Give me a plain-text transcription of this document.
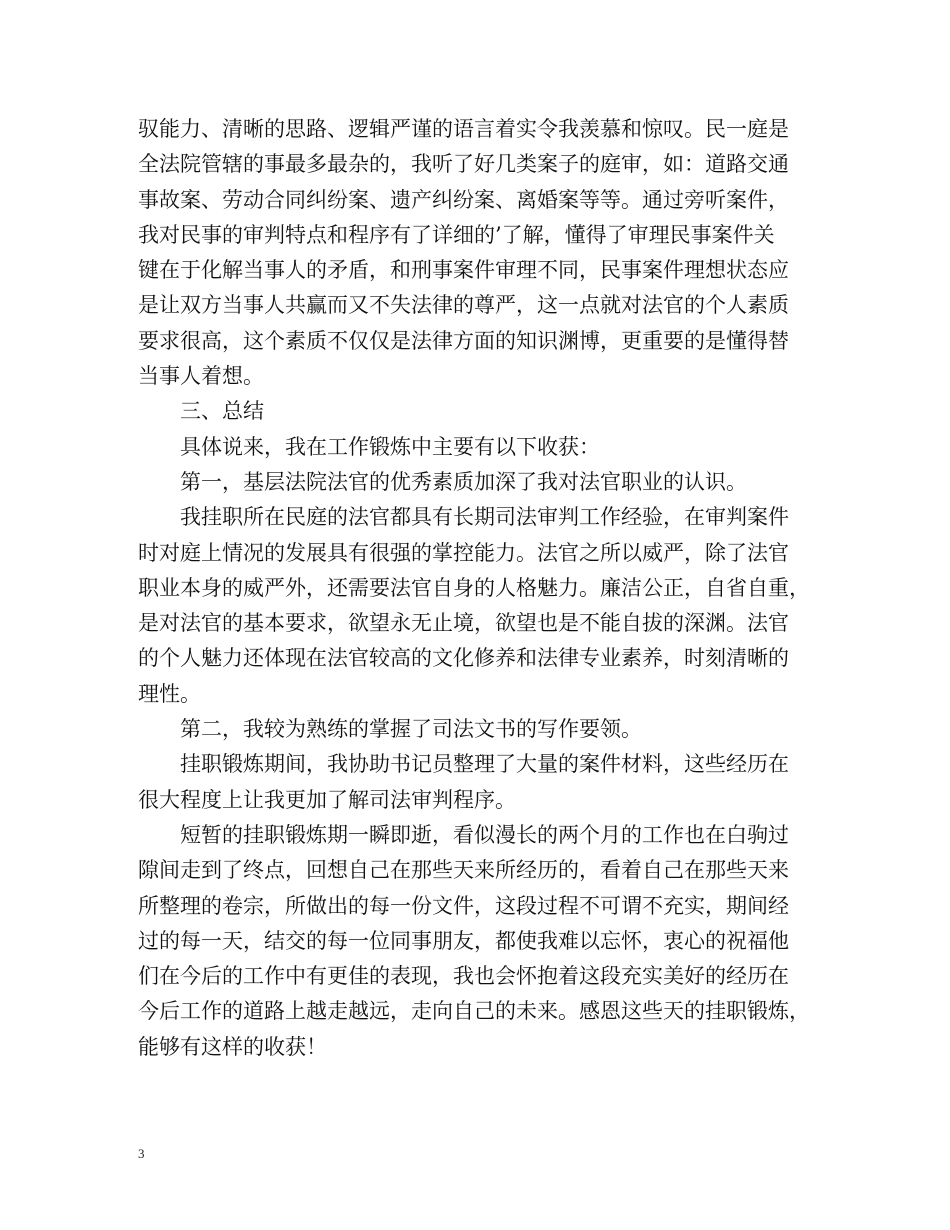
驭能力、清晰的思路、逻辑严谨的语言着实令我羡慕和惊叹。民一庭是
全法院管辖的事最多最杂的，我听了好几类案子的庭审，如：道路交通
事故案、劳动合同纠纷案、遗产纠纷案、离婚案等等。通过旁听案件，
我对民事的审判特点和程序有了详细的’了解，懂得了审理民事案件关
键在于化解当事人的矛盾，和刑事案件审理不同，民事案件理想状态应
是让双方当事人共赢而又不失法律的尊严，这一点就对法官的个人素质
要求很高，这个素质不仅仅是法律方面的知识渊博，更重要的是懂得替
当事人着想。
三、总结
具体说来，我在工作锻炼中主要有以下收获：
第一，基层法院法官的优秀素质加深了我对法官职业的认识。
我挂职所在民庭的法官都具有长期司法审判工作经验，在审判案件
时对庭上情况的发展具有很强的掌控能力。法官之所以威严，除了法官
职业本身的威严外，还需要法官自身的人格魅力。廉洁公正，自省自重，
是对法官的基本要求，欲望永无止境，欲望也是不能自拔的深渊。法官
的个人魅力还体现在法官较高的文化修养和法律专业素养，时刻清晰的
理性。
第二，我较为熟练的掌握了司法文书的写作要领。
挂职锻炼期间，我协助书记员整理了大量的案件材料，这些经历在
很大程度上让我更加了解司法审判程序。
短暂的挂职锻炼期一瞬即逝，看似漫长的两个月的工作也在白驹过
隙间走到了终点，回想自己在那些天来所经历的，看着自己在那些天来
所整理的卷宗，所做出的每一份文件，这段过程不可谓不充实，期间经
过的每一天，结交的每一位同事朋友，都使我难以忘怀，衷心的祝福他
们在今后的工作中有更佳的表现，我也会怀抱着这段充实美好的经历在
今后工作的道路上越走越远，走向自己的未来。感恩这些天的挂职锻炼，
能够有这样的收获！
3
